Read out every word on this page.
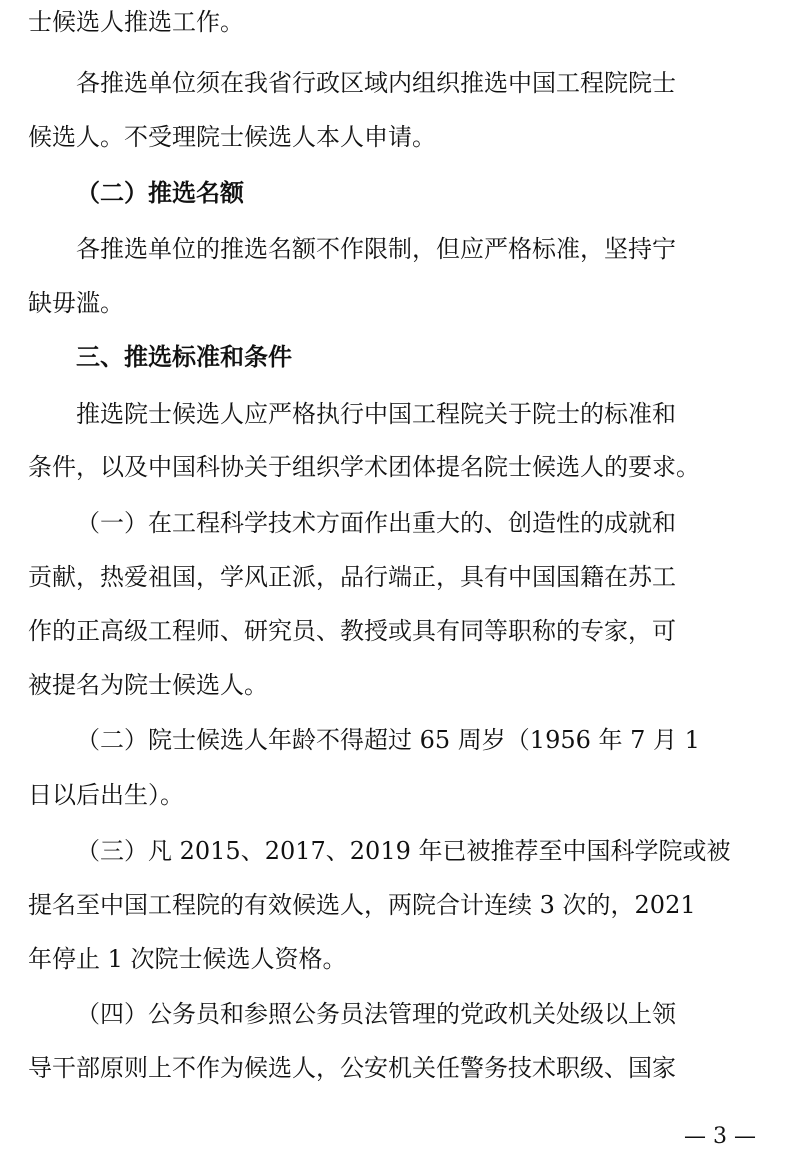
士候选人推选工作。
各推选单位须在我省行政区域内组织推选中国工程院院士
候选人。不受理院士候选人本人申请。
（二）推选名额
各推选单位的推选名额不作限制，但应严格标准，坚持宁
缺毋滥。
三、推选标准和条件
推选院士候选人应严格执行中国工程院关于院士的标准和
条件，以及中国科协关于组织学术团体提名院士候选人的要求。
（一）在工程科学技术方面作出重大的、创造性的成就和
贡献，热爱祖国，学风正派，品行端正，具有中国国籍在苏工
作的正高级工程师、研究员、教授或具有同等职称的专家，可
被提名为院士候选人。
（二）院士候选人年龄不得超过 65 周岁（1956 年 7 月 1
日以后出生）。
（三）凡 2015、2017、2019 年已被推荐至中国科学院或被
提名至中国工程院的有效候选人，两院合计连续 3 次的，2021
年停止 1 次院士候选人资格。
（四）公务员和参照公务员法管理的党政机关处级以上领
导干部原则上不作为候选人，公安机关任警务技术职级、国家
— 3 —
